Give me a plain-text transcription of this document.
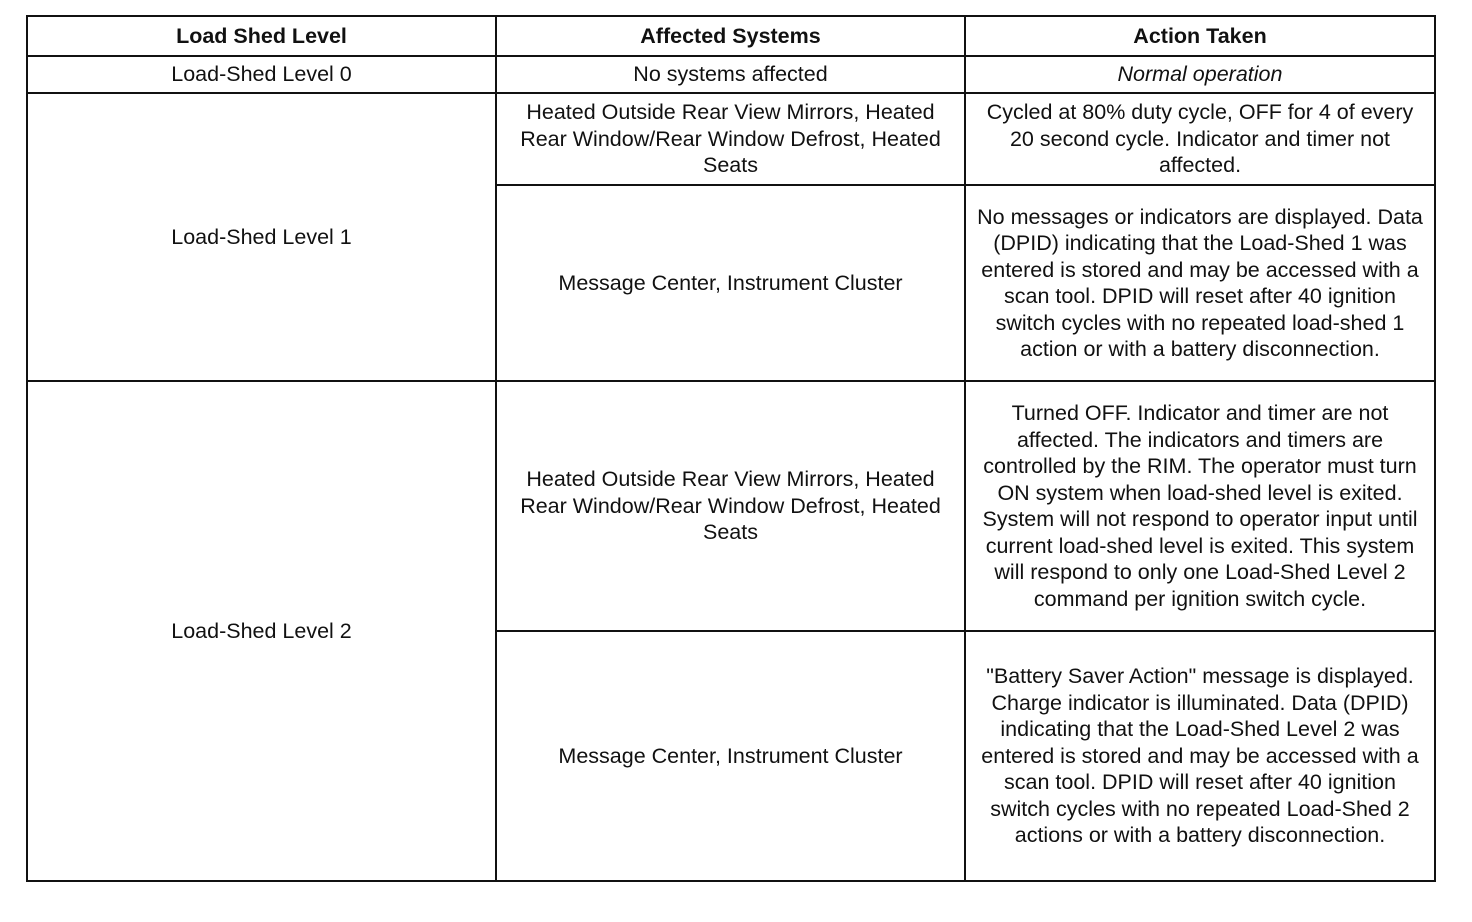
Load Shed Level	Affected Systems	Action Taken
Load-Shed Level 0	No systems affected	Normal operation
Load-Shed Level 1	Heated Outside Rear View Mirrors, Heated Rear Window/Rear Window Defrost, Heated Seats	Cycled at 80% duty cycle, OFF for 4 of every 20 second cycle. Indicator and timer not affected.
	Message Center, Instrument Cluster	No messages or indicators are displayed. Data (DPID) indicating that the Load-Shed 1 was entered is stored and may be accessed with a scan tool. DPID will reset after 40 ignition switch cycles with no repeated load-shed 1 action or with a battery disconnection.
Load-Shed Level 2	Heated Outside Rear View Mirrors, Heated Rear Window/Rear Window Defrost, Heated Seats	Turned OFF. Indicator and timer are not affected. The indicators and timers are controlled by the RIM. The operator must turn ON system when load-shed level is exited. System will not respond to operator input until current load-shed level is exited. This system will respond to only one Load-Shed Level 2 command per ignition switch cycle.
	Message Center, Instrument Cluster	"Battery Saver Action" message is displayed. Charge indicator is illuminated. Data (DPID) indicating that the Load-Shed Level 2 was entered is stored and may be accessed with a scan tool. DPID will reset after 40 ignition switch cycles with no repeated Load-Shed 2 actions or with a battery disconnection.
